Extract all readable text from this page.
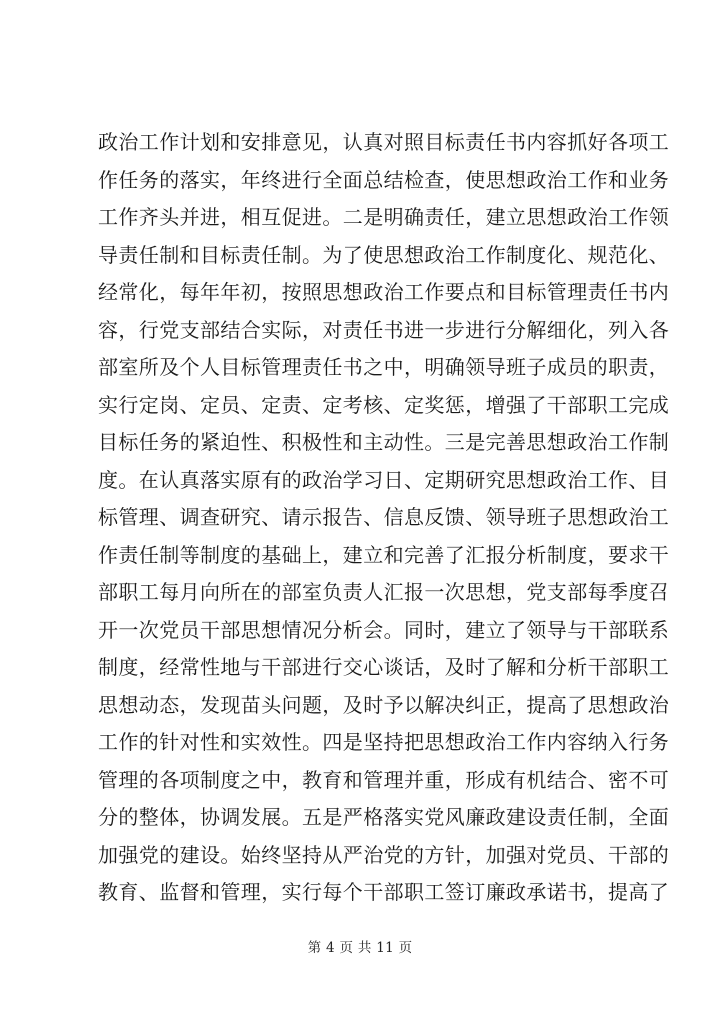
政治工作计划和安排意见，认真对照目标责任书内容抓好各项工
作任务的落实，年终进行全面总结检查，使思想政治工作和业务
工作齐头并进，相互促进。二是明确责任，建立思想政治工作领
导责任制和目标责任制。为了使思想政治工作制度化、规范化、
经常化，每年年初，按照思想政治工作要点和目标管理责任书内
容，行党支部结合实际，对责任书进一步进行分解细化，列入各
部室所及个人目标管理责任书之中，明确领导班子成员的职责，
实行定岗、定员、定责、定考核、定奖惩，增强了干部职工完成
目标任务的紧迫性、积极性和主动性。三是完善思想政治工作制
度。在认真落实原有的政治学习日、定期研究思想政治工作、目
标管理、调查研究、请示报告、信息反馈、领导班子思想政治工
作责任制等制度的基础上，建立和完善了汇报分析制度，要求干
部职工每月向所在的部室负责人汇报一次思想，党支部每季度召
开一次党员干部思想情况分析会。同时，建立了领导与干部联系
制度，经常性地与干部进行交心谈话，及时了解和分析干部职工
思想动态，发现苗头问题，及时予以解决纠正，提高了思想政治
工作的针对性和实效性。四是坚持把思想政治工作内容纳入行务
管理的各项制度之中，教育和管理并重，形成有机结合、密不可
分的整体，协调发展。五是严格落实党风廉政建设责任制，全面
加强党的建设。始终坚持从严治党的方针，加强对党员、干部的
教育、监督和管理，实行每个干部职工签订廉政承诺书，提高了
第 4 页 共 11 页
